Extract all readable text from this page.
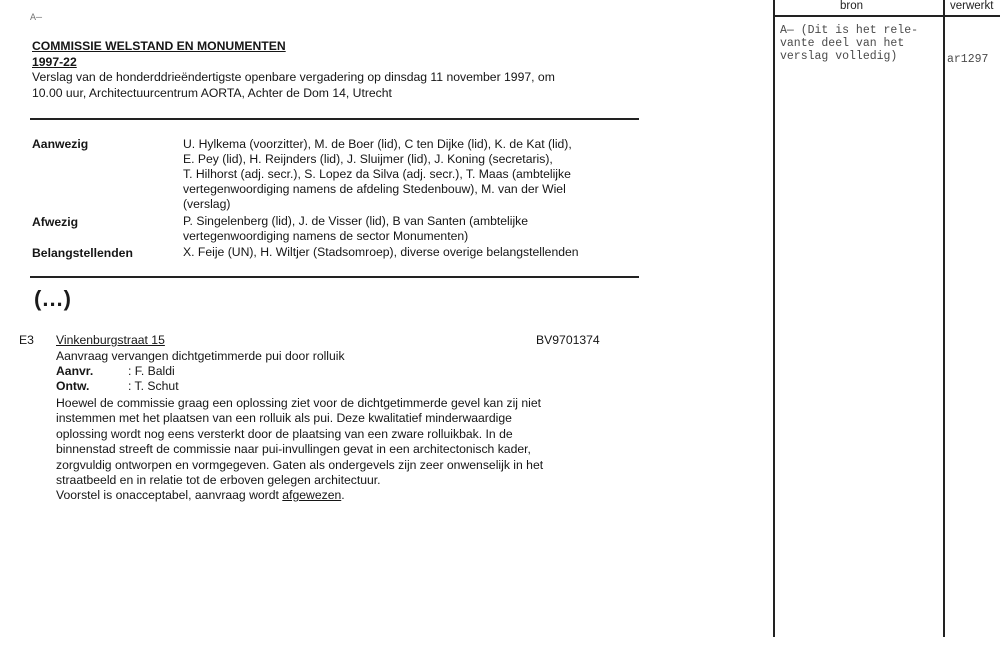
A—
COMMISSIE WELSTAND EN MONUMENTEN
1997-22
Verslag van de honderddrieëndertigste openbare vergadering op dinsdag 11 november 1997, om
10.00 uur, Architectuurcentrum AORTA, Achter de Dom 14, Utrecht
Aanwezig	U. Hylkema (voorzitter), M. de Boer (lid), C ten Dijke (lid), K. de Kat (lid),
E. Pey (lid), H. Reijnders (lid), J. Sluijmer (lid), J. Koning (secretaris),
T. Hilhorst (adj. secr.), S. Lopez da Silva (adj. secr.), T. Maas (ambtelijke
vertegenwoordiging namens de afdeling Stedenbouw), M. van der Wiel
(verslag)
Afwezig	P. Singelenberg (lid), J. de Visser (lid), B van Santen (ambtelijke
vertegenwoordiging namens de sector Monumenten)
Belangstellenden	X. Feije (UN), H. Wiltjer (Stadsomroep), diverse overige belangstellenden
(...)
E3 Vinkenburgstraat 15	BV9701374
Aanvraag vervangen dichtgetimmerde pui door rolluik
Aanvr.	: F. Baldi
Ontw.	: T. Schut
Hoewel de commissie graag een oplossing ziet voor de dichtgetimmerde gevel kan zij niet
instemmen met het plaatsen van een rolluik als pui. Deze kwalitatief minderwaardige
oplossing wordt nog eens versterkt door de plaatsing van een zware rolluikbak. In de
binnenstad streeft de commissie naar pui-invullingen gevat in een architectonisch kader,
zorgvuldig ontworpen en vormgegeven. Gaten als ondergevels zijn zeer onwenselijk in het
straatbeeld en in relatie tot de erboven gelegen architectuur.
Voorstel is onacceptabel, aanvraag wordt afgewezen.
bron	verwerkt
A— (Dit is het rele-
vante deel van het
verslag volledig)	ar1297
